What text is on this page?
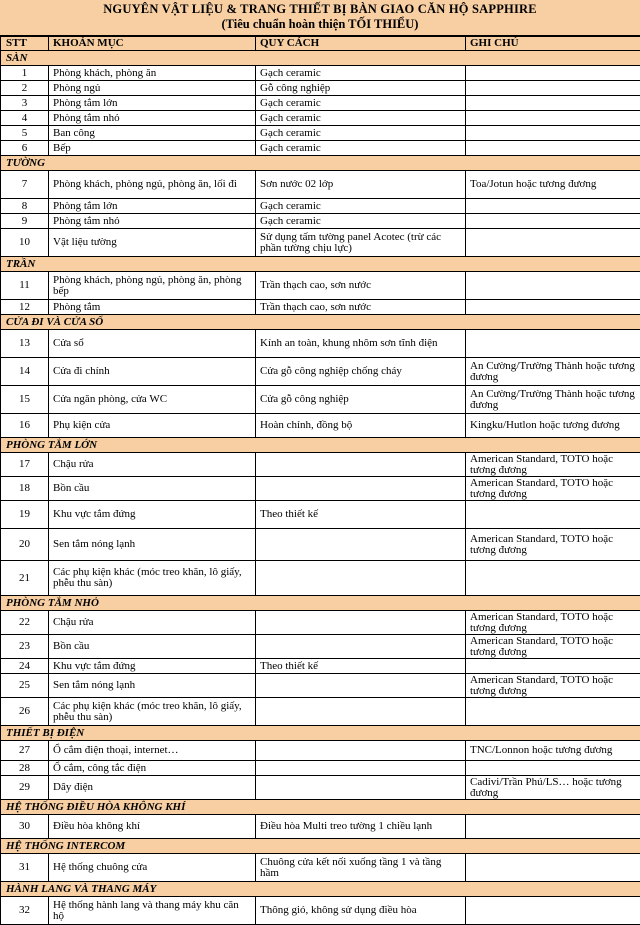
NGUYÊN VẬT LIỆU & TRANG THIẾT BỊ BÀN GIAO CĂN HỘ SAPPHIRE
(Tiêu chuẩn hoàn thiện TỐI THIỂU)
STT	KHOẢN MỤC	QUY CÁCH	GHI CHÚ
SÀN			
1	Phòng khách, phòng ăn	Gạch ceramic	
2	Phòng ngủ	Gỗ công nghiệp	
3	Phòng tắm lớn	Gạch ceramic	
4	Phòng tắm nhỏ	Gạch ceramic	
5	Ban công	Gạch ceramic	
6	Bếp	Gạch ceramic	
TƯỜNG			
7	Phòng khách, phòng ngủ, phòng ăn, lối đi	Sơn nước 02 lớp	Toa/Jotun hoặc tương đương
8	Phòng tắm lớn	Gạch ceramic	
9	Phòng tắm nhỏ	Gạch ceramic	
10	Vật liệu tường	Sử dụng tấm tường panel Acotec (trừ các phần tường chịu lực)	
TRẦN			
11	Phòng khách, phòng ngủ, phòng ăn, phòng bếp	Trần thạch cao, sơn nước	
12	Phòng tắm	Trần thạch cao, sơn nước	
CỬA ĐI VÀ CỬA SỔ			
13	Cửa sổ	Kính an toàn, khung nhôm sơn tĩnh điện	
14	Cửa đi chính	Cửa gỗ công nghiệp chống cháy	An Cường/Trường Thành hoặc tương đương
15	Cửa ngăn phòng, cửa WC	Cửa gỗ công nghiệp	An Cường/Trường Thành hoặc tương đương
16	Phụ kiện cửa	Hoàn chỉnh, đồng bộ	Kingku/Hutlon hoặc tương đương
PHÒNG TẮM LỚN			
17	Chậu rửa		American Standard, TOTO hoặc tương đương
18	Bồn cầu		American Standard, TOTO hoặc tương đương
19	Khu vực tắm đứng	Theo thiết kế	
20	Sen tắm nóng lạnh		American Standard, TOTO hoặc tương đương
21	Các phụ kiện khác (móc treo khăn, lô giấy, phễu thu sàn)		
PHÒNG TẮM NHỎ			
22	Chậu rửa		American Standard, TOTO hoặc tương đương
23	Bồn cầu		American Standard, TOTO hoặc tương đương
24	Khu vực tắm đứng	Theo thiết kế	
25	Sen tắm nóng lạnh		American Standard, TOTO hoặc tương đương
26	Các phụ kiện khác (móc treo khăn, lô giấy, phễu thu sàn)		
THIẾT BỊ ĐIỆN			
27	Ổ cắm điện thoại, internet…		TNC/Lonnon hoặc tương đương
28	Ổ cắm, công tắc điện		
29	Dây điện		Cadivi/Trần Phú/LS… hoặc tương đương
HỆ THỐNG ĐIỀU HÒA KHÔNG KHÍ			
30	Điều hòa không khí	Điều hòa Multi treo tường 1 chiều lạnh	
HỆ THỐNG INTERCOM			
31	Hệ thống chuông cửa	Chuông cửa kết nối xuống tầng 1 và tầng hầm	
HÀNH LANG VÀ THANG MÁY			
32	Hệ thống hành lang và thang máy khu căn hộ	Thông gió, không sử dụng điều hòa	
